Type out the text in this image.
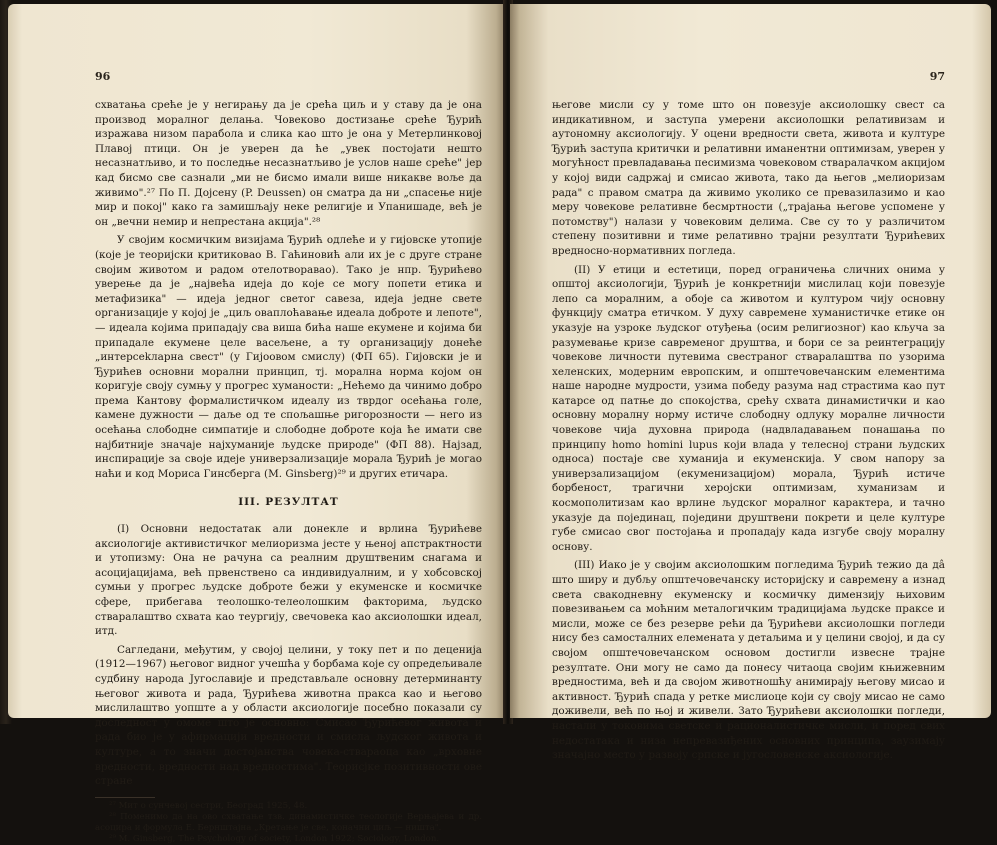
96

схватања среће је у негирању да је срећа циљ и у ставу да је она производ моралног делања. Човеково достизање среће Ђурић изражава низом парабола и слика као што је она у Метерлинковој Плавој птици. Он је уверен да ће „увек постојати нешто несазнатљиво, и то последње несазнатљиво је услов наше среће" јер кад бисмо све сазнали „ми не бисмо имали више никакве воље да живимо".²⁷ По П. Дојсену (P. Deussen) он сматра да ни „спасење ниje мир и покој" како га замишљају неке религије и Упанишаде, већ је он „вечни немир и непрестана акција".²⁸

У својим космичким визијама Ђурић одлеће и у гијовске утопије (које је теоријски критиковао В. Гаћиновић али их је с друге стране својим животом и радом отелотворавао). Тако је нпр. Ђурићево уверење да је „највећа идеја до које се могу попети етика и метафизика" — идеја једног светог савеза, идеја једне свете организације у којој је „циљ оваплоћавање идеала доброте и лепоте", — идеала којима припадају сва виша бића наше екумене и којима би припадале екумене целе васељене, а ту организацију донеће „интерсеkларна свест" (у Гијоовом смислу) (ФП 65). Гијовски је и Ђурићев основни морални принцип, тј. морална норма којом он коригује своју сумњу у прогрес хуманости: „Нећемо да чинимо добро према Кантову формалистичком идеалу из тврдог осећања голе, камене дужности — даље од те спољашње ригорозности — него из осећања слободне симпатије и слободне доброте која ће имати све најбитније значаје најхуманије људске природе" (ФП 88). Најзад, инспирације за своје идеје универзализације морала Ђурић је могао наћи и код Мориса Гинсберга (M. Ginsberg)²⁹ и других етичара.

III. РЕЗУЛТАТ

(I) Основни недостатак али донекле и врлина Ђурићеве аксиологије активистичког мелиоризма јесте у њеној апстрактности и утопизму: Она не рачуна са реалним друштвеним снагама и асоцијацијама, већ првенствено са индивидуалним, и у хобсовској сумњи у прогрес људске доброте бежи у екуменске и космичке сфере, прибегава теолошко-телеолошким факторима, људско стваралаштво схвата као теургију, свечовека као аксиолошки идеал, итд.

Сагледани, међутим, у својој целини, у току пет и по деценија (1912—1967) његовог видног учешћа у борбама које су опредељивале судбину народа Југославије и представљале основну детерминанту његовог живота и рада, Ђурићева животна пракса као и његово мислилаштво уопште а у области аксиологије посебно показали су доследност у омоме што је основно: Смисао Ђурићевог живота и рада био је у афирмацији вредности и смисла људског живота и културе, а то значи достојанства човека-ствараоца као „врховне вредности, вредности над вредностима". Теорисјке позитивности ове стране

²⁷ Мит о сунчевој сестри, Београд 1925, 48.
²⁸ Поменимо да на ово схватање тзв. динамистичке теологије Верњајева и др. асоцира и формула Е. Бернштајна „Кретање је све, коначни циљ — ништа".
²⁹ M. Ginsberg, The Psychology of society, London 1922; Sociology, London.
97

његове мисли су у томе што он повезује аксиолошку свест са индикативном, и заступа умерени аксиолошки релативизам и аутономну аксиологију. У оцени вредности света, живота и културе Ђурић заступа критички и релативни иманентни оптимизам, уверен у могућност превладавања песимизма човековом стваралачком акцијом у којој види садржај и смисао живота, тако да његов „мелиоризам рада" с правом сматра да живимо уколико се превазилазимо и као меру човекове релативне бесмртности („трајања његове успомене у потомству") налази у човековим делима. Све су то у различитом степену позитивни и тиме релативно трајни резултати Ђурићевих вредносно-нормативних погледа.

(II) У етици и естетици, поред ограничења сличних онима у општој аксиологији, Ђурић је конкретнији мислилац који повезује лепо са моралним, а обоје са животом и културом чију основну функцију сматра етичком. У духу савремене хуманистичке етике он указује на узроке људског отуђења (осим религиозног) као кључа за разумевање кризе савременог друштва, и бори се за реинтеграцију човекове личности путевима свестраног стваралаштва по узорима хеленских, модерним европским, и општечовечанским елементима наше народне мудрости, узима победу разума над страстима као пут катарсе од патње до спокојства, срећу схвата динамистички и као основну моралну норму истиче слободну одлуку моралне личности човекове чија духовна природа (надвладавањем понашања по принципу homo homini lupus који влада у телесној страни људских односа) постаје све хуманија и екуменскија. У свом напору за универзализацијом (екуменизацијом) морала, Ђурић истиче борбеност, трагични херојски оптимизам, хуманизам и космополитизам као врлине људског моралног карактера, и тачно указује да појединац, поједини друштвени покрети и целе културе губе смисао свог постојања и пропадају када изгубе своју моралну основу.

(III) Иако је у својим аксиолошким погледима Ђурић тежио да дâ што ширу и дубљу општечовечанску историјску и савремену а изнад света свакодневну екуменску и космичку димензију њиховим повезивањем са моћним металогичким традицијама људске праксе и мисли, може се без резерве рећи да Ђурићеви аксиолошки погледи нису без самосталних елемената у детаљима и у целини својој, и да су својом општечовечанском основом достигли извесне трајне резултате. Они могу не само да понесу читаоца својим књижевним вредностима, већ и да својом животношћу анимирају његову мисао и активност. Ђурић спада у ретке мислиоце који су своју мисао не само доживели, већ по њој и живели. Зато Ђурићеви аксиолошки погледи, настали у токовима светске и рационалистичке мисли, и поред свих недостатака и низа непревазиђених основних принципа, заузимају значајно место у развоју српске и југословенске аксиологије.
